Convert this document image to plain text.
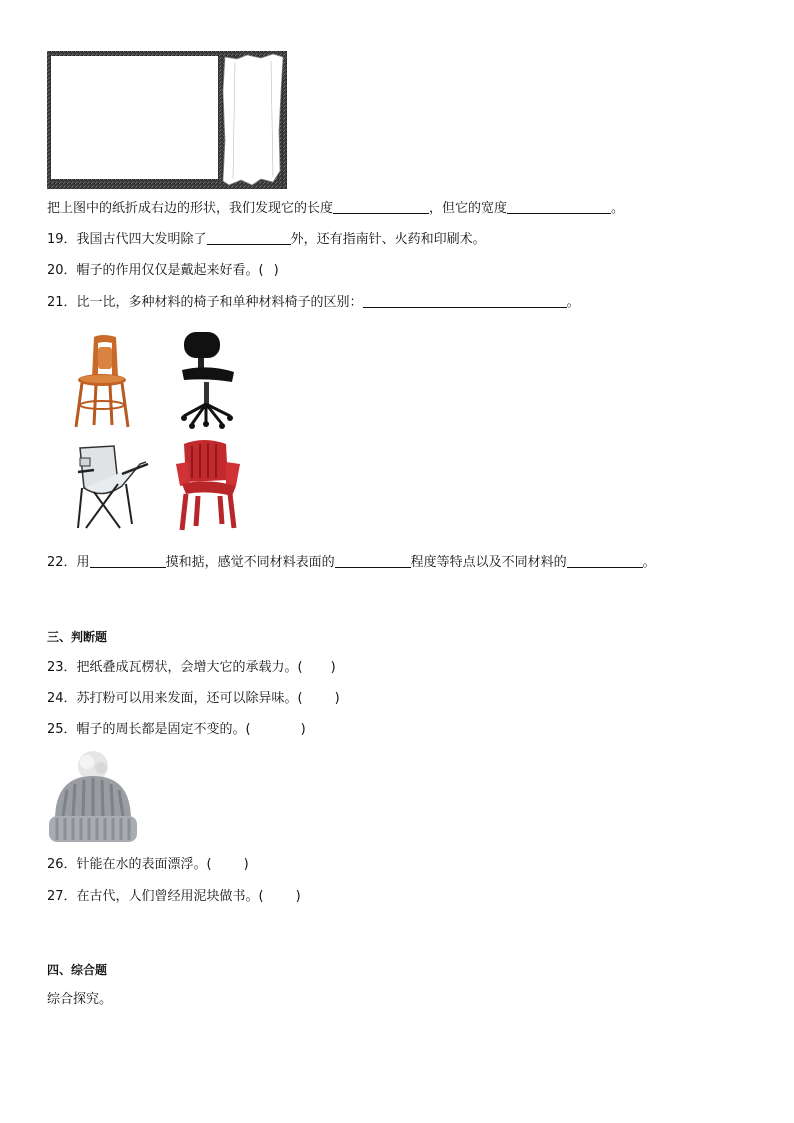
把上图中的纸折成右边的形状，我们发现它的长度	，但它的宽度	。
19．我国古代四大发明除了	外，还有指南针、火药和印刷术。
20．帽子的作用仅仅是戴起来好看。( )
21．比一比，多种材料的椅子和单种材料椅子的区别：	。
22．用	摸和掂，感觉不同材料表面的	程度等特点以及不同材料的	。
三、判断题
23．把纸叠成瓦楞状，会增大它的承载力。( )
24．苏打粉可以用来发面，还可以除异味。( )
25．帽子的周长都是固定不变的。(	)
26．针能在水的表面漂浮。( )
27．在古代，人们曾经用泥块做书。( )
四、综合题
综合探究。
